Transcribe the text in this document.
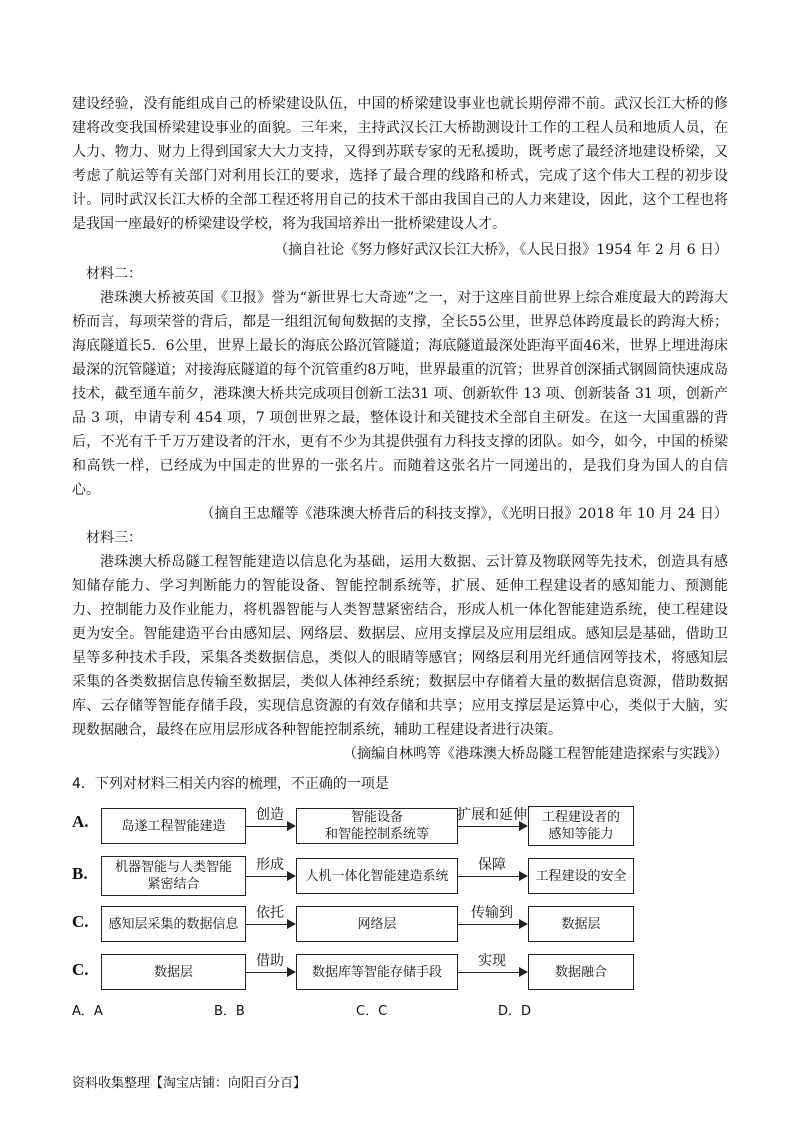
建设经验，没有能组成自己的桥梁建设队伍，中国的桥梁建设事业也就长期停滞不前。武汉长江大桥的修建将改变我国桥梁建设事业的面貌。三年来，主持武汉长江大桥勘测设计工作的工程人员和地质人员，在人力、物力、财力上得到国家大大力支持，又得到苏联专家的无私援助，既考虑了最经济地建设桥梁，又考虑了航运等有关部门对利用长江的要求，选择了最合理的线路和桥式，完成了这个伟大工程的初步设计。同时武汉长江大桥的全部工程还将用自己的技术干部由我国自己的人力来建设，因此，这个工程也将是我国一座最好的桥梁建设学校，将为我国培养出一批桥梁建设人才。

（摘自社论《努力修好武汉长江大桥》，《人民日报》1954 年 2 月 6 日）

材料二：

港珠澳大桥被英国《卫报》誉为“新世界七大奇迹”之一，对于这座目前世界上综合难度最大的跨海大桥而言，每项荣誉的背后，都是一组组沉甸甸数据的支撑，全长55公里，世界总体跨度最长的跨海大桥；海底隧道长5．6公里，世界上最长的海底公路沉管隧道；海底隧道最深处距海平面46米，世界上埋进海床最深的沉管隧道；对接海底隧道的每个沉管重约8万吨，世界最重的沉管；世界首创深插式钢圆筒快速成岛技术，截至通车前夕，港珠澳大桥共完成项目创新工法31 项、创新软件 13 项、创新装备 31 项，创新产品 3 项，申请专利 454 项，7 项创世界之最，整体设计和关键技术全部自主研发。在这一大国重器的背后，不光有千千万万建设者的汗水，更有不少为其提供强有力科技支撑的团队。如今，如今，中国的桥梁和高铁一样，已经成为中国走的世界的一张名片。而随着这张名片一同递出的，是我们身为国人的自信心。

（摘自王忠耀等《港珠澳大桥背后的科技支撑》，《光明日报》2018 年 10 月 24 日）

材料三：

港珠澳大桥岛隧工程智能建造以信息化为基础，运用大数据、云计算及物联网等先技术，创造具有感知储存能力、学习判断能力的智能设备、智能控制系统等，扩展、延伸工程建设者的感知能力、预测能力、控制能力及作业能力，将机器智能与人类智慧紧密结合，形成人机一体化智能建造系统，使工程建设更为安全。智能建造平台由感知层、网络层、数据层、应用支撑层及应用层组成。感知层是基础，借助卫星等多种技术手段，采集各类数据信息，类似人的眼睛等感官；网络层利用光纤通信网等技术，将感知层采集的各类数据信息传输至数据层，类似人体神经系统；数据层中存储着大量的数据信息资源，借助数据库、云存储等智能存储手段，实现信息资源的有效存储和共享；应用支撑层是运算中心，类似于大脑，实现数据融合，最终在应用层形成各种智能控制系统，辅助工程建设者进行决策。

（摘编自林鸣等《港珠澳大桥岛隧工程智能建造探索与实践》）

4．下列对材料三相关内容的梳理，不正确的一项是
A.	岛遂工程智能建造
创造	智能设备
和智能控制系统等
扩展和延伸	工程建设者的
感知等能力
B.	机器智能与人类智能
紧密结合
形成
人机一体化智能建造系统
保障
工程建设的安全
C.	感知层采集的数据信息
依托
网络层
传输到
数据层
C.	数据层
借助
数据库等智能存储手段
实现
数据融合
A．A	B．B	C．C	D．D
资料收集整理【淘宝店铺：向阳百分百】
